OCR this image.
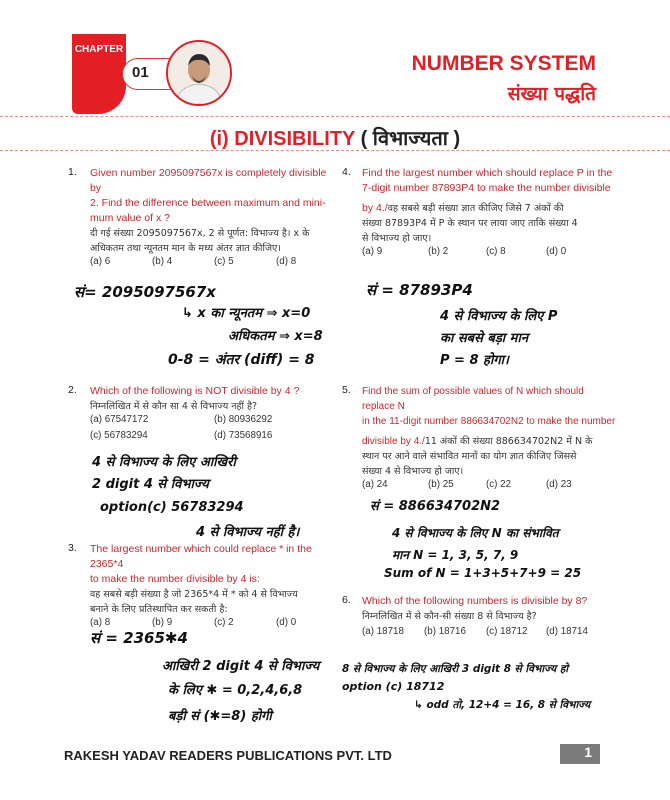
CHAPTER
01	NUMBER SYSTEM
संख्या पद्धति
(i) DIVISIBILITY ( विभाज्यता )
1. Given number 2095097567x is completely divisible by
2. Find the difference between maximum and mini-
mum value of x ?
दी गई संख्या 2095097567x, 2 से पूर्णत: विभाज्य है। x के
अधिकतम तथा न्यूनतम मान के मध्य अंतर ज्ञात कीजिए।
(a) 6	(b) 4	(c) 5	(d) 8
सं= 2095097567x
↳ x का न्यूनतम ⇒ x=0
अधिकतम ⇒ x=8
0-8 = अंतर (diff) = 8
2. Which of the following is NOT divisible by 4 ?
निम्नलिखित में से कौन सा 4 से विभाज्य नहीं है?
(a) 67547172	(b) 80936292
(c) 56783294	(d) 73568916
4 से विभाज्य के लिए आखिरी
2 digit 4 से विभाज्य
option(c) 56783294
4 से विभाज्य नहीं है।
3. The largest number which could replace * in the 2365*4
to make the number divisible by 4 is:
वह सबसे बड़ी संख्या है जो 2365*4 में * को 4 से विभाज्य
बनाने के लिए प्रतिस्थापित कर सकती है:
(a) 8	(b) 9	(c) 2	(d) 0
सं = 2365✱4
आखिरी 2 digit 4 से विभाज्य
के लिए ✱ = 0,2,4,6,8
बड़ी सं (✱=8) होगी
4. Find the largest number which should replace P in the
7-digit number 87893P4 to make the number divisible
by 4./वह सबसे बड़ी संख्या ज्ञात कीजिए जिसे 7 अंकों की
संख्या 87893P4 में P के स्थान पर लाया जाए ताकि संख्या 4
से विभाज्य हो जाए।
(a) 9	(b) 2	(c) 8	(d) 0
सं = 87893P4
4 से विभाज्य के लिए P
का सबसे बड़ा मान
P = 8 होगा।
5. Find the sum of possible values of N which should replace N
in the 11-digit number 886634702N2 to make the number
divisible by 4./11 अंकों की संख्या 886634702N2 में N के
स्थान पर आने वाले संभावित मानों का योग ज्ञात कीजिए जिससे
संख्या 4 से विभाज्य हो जाए।
(a) 24	(b) 25	(c) 22	(d) 23
सं = 886634702N2
4 से विभाज्य के लिए N का संभावित
मान N = 1, 3, 5, 7, 9
Sum of N = 1+3+5+7+9 = 25
6. Which of the following numbers is divisible by 8?
निम्नलिखित में से कौन-सी संख्या 8 से विभाज्य है?
(a) 18718 (b) 18716 (c) 18712 (d) 18714
8 से विभाज्य के लिए आखिरी 3 digit 8 से विभाज्य हो
option (c) 18712
↳ odd तो, 12+4 = 16, 8 से विभाज्य
RAKESH YADAV READERS PUBLICATIONS PVT. LTD	1
